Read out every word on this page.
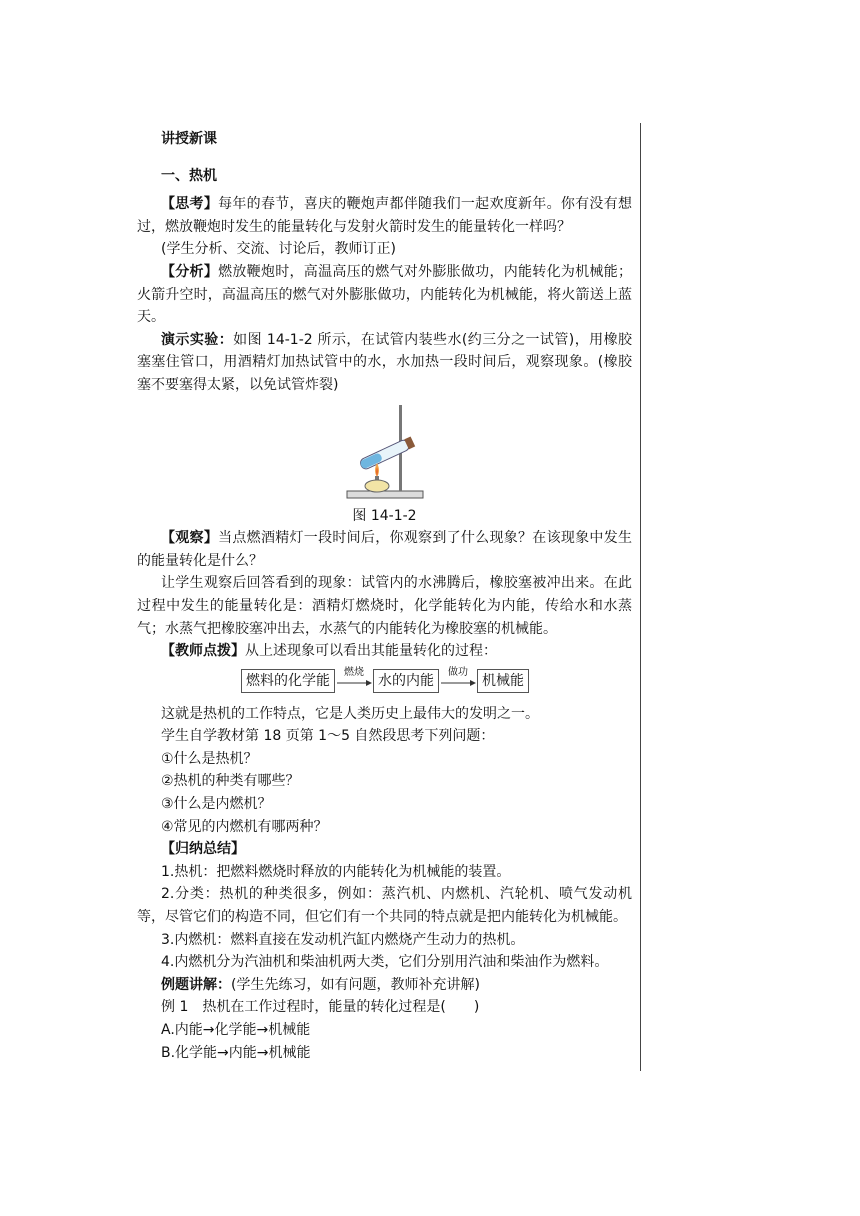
讲授新课

一、热机

【思考】每年的春节，喜庆的鞭炮声都伴随我们一起欢度新年。你有没有想过，燃放鞭炮时发生的能量转化与发射火箭时发生的能量转化一样吗？

(学生分析、交流、讨论后，教师订正)

【分析】燃放鞭炮时，高温高压的燃气对外膨胀做功，内能转化为机械能；火箭升空时，高温高压的燃气对外膨胀做功，内能转化为机械能，将火箭送上蓝天。

演示实验：如图 14-1-2 所示，在试管内装些水(约三分之一试管)，用橡胶塞塞住管口，用酒精灯加热试管中的水，水加热一段时间后，观察现象。(橡胶塞不要塞得太紧，以免试管炸裂)

图 14-1-2

【观察】当点燃酒精灯一段时间后，你观察到了什么现象？在该现象中发生的能量转化是什么？

让学生观察后回答看到的现象：试管内的水沸腾后，橡胶塞被冲出来。在此过程中发生的能量转化是：酒精灯燃烧时，化学能转化为内能，传给水和水蒸气；水蒸气把橡胶塞冲出去，水蒸气的内能转化为橡胶塞的机械能。

【教师点拨】从上述现象可以看出其能量转化的过程：

燃料的化学能
燃烧
水的内能
做功
机械能

这就是热机的工作特点，它是人类历史上最伟大的发明之一。

学生自学教材第 18 页第 1～5 自然段思考下列问题：

①什么是热机？

②热机的种类有哪些？

③什么是内燃机？

④常见的内燃机有哪两种？

【归纳总结】

1.热机：把燃料燃烧时释放的内能转化为机械能的装置。

2.分类：热机的种类很多，例如：蒸汽机、内燃机、汽轮机、喷气发动机等，尽管它们的构造不同，但它们有一个共同的特点就是把内能转化为机械能。

3.内燃机：燃料直接在发动机汽缸内燃烧产生动力的热机。

4.内燃机分为汽油机和柴油机两大类，它们分别用汽油和柴油作为燃料。

例题讲解：(学生先练习，如有问题，教师补充讲解)

例 1　热机在工作过程时，能量的转化过程是(　　)

A.内能→化学能→机械能

B.化学能→内能→机械能
